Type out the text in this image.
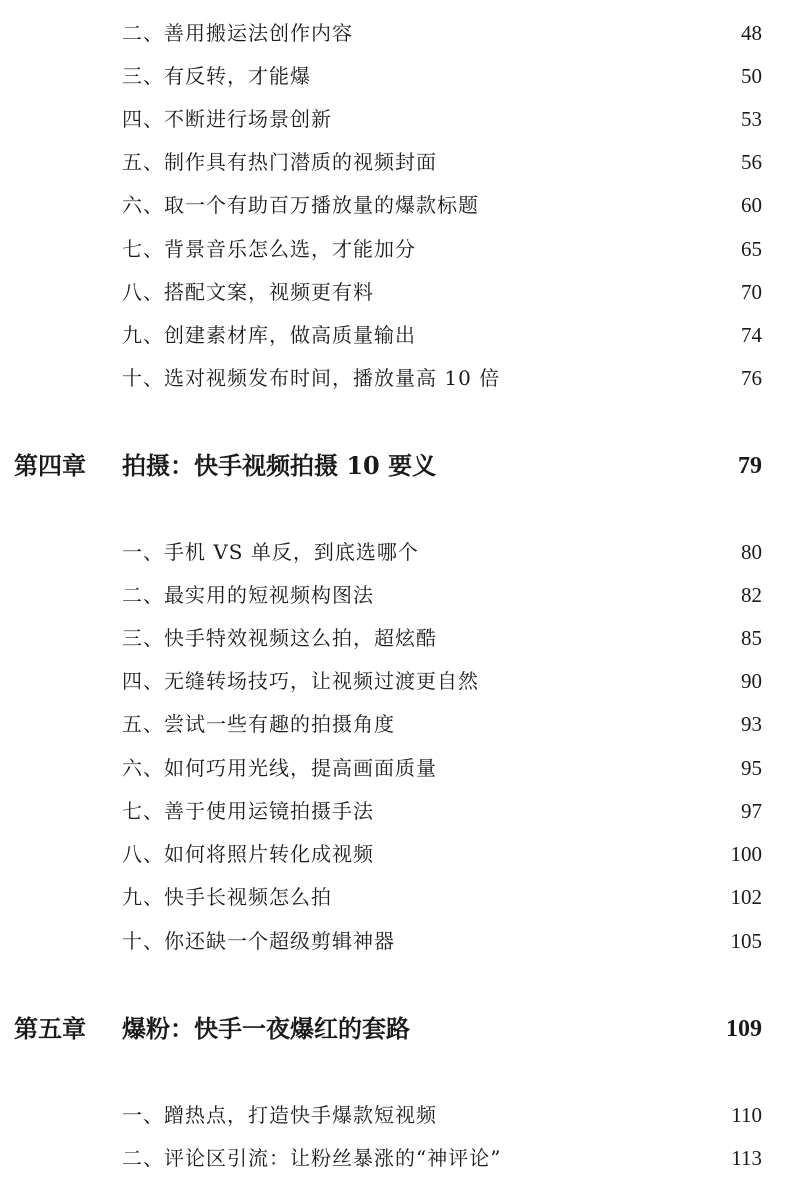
二、善用搬运法创作内容	48
三、有反转，才能爆	50
四、不断进行场景创新	53
五、制作具有热门潜质的视频封面	56
六、取一个有助百万播放量的爆款标题	60
七、背景音乐怎么选，才能加分	65
八、搭配文案，视频更有料	70
九、创建素材库，做高质量输出	74
十、选对视频发布时间，播放量高 10 倍	76
第四章 拍摄：快手视频拍摄 10 要义	79
一、手机 VS 单反，到底选哪个	80
二、最实用的短视频构图法	82
三、快手特效视频这么拍，超炫酷	85
四、无缝转场技巧，让视频过渡更自然	90
五、尝试一些有趣的拍摄角度	93
六、如何巧用光线，提高画面质量	95
七、善于使用运镜拍摄手法	97
八、如何将照片转化成视频	100
九、快手长视频怎么拍	102
十、你还缺一个超级剪辑神器	105
第五章 爆粉：快手一夜爆红的套路	109
一、蹭热点，打造快手爆款短视频	110
二、评论区引流：让粉丝暴涨的“神评论”	113
